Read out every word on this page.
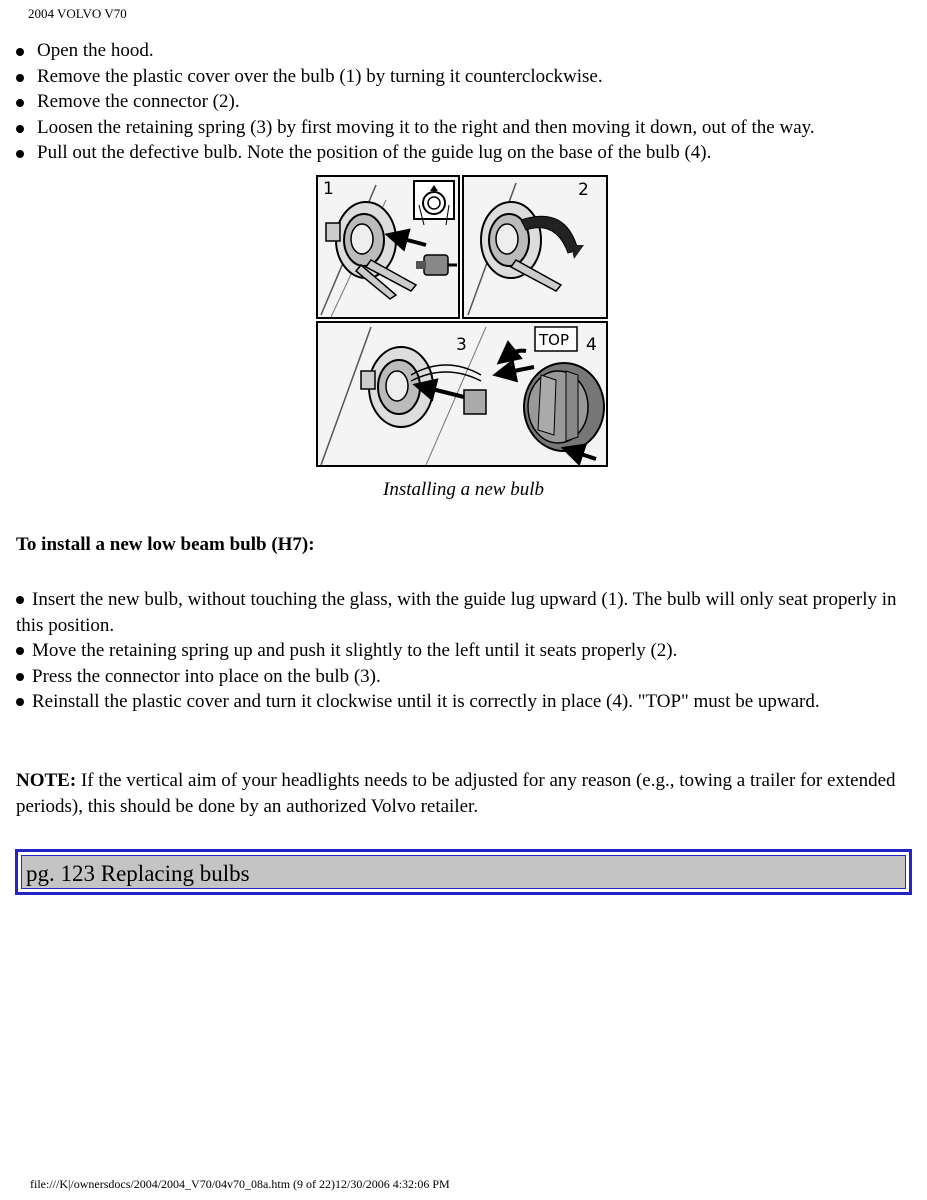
2004 VOLVO V70
Open the hood.
Remove the plastic cover over the bulb (1) by turning it counterclockwise.
Remove the connector (2).
Loosen the retaining spring (3) by first moving it to the right and then moving it down, out of the way.
Pull out the defective bulb. Note the position of the guide lug on the base of the bulb (4).
1	2
TOP
3	4
Installing a new bulb
To install a new low beam bulb (H7):
Insert the new bulb, without touching the glass, with the guide lug upward (1). The bulb will only seat properly in this position.
Move the retaining spring up and push it slightly to the left until it seats properly (2).
Press the connector into place on the bulb (3).
Reinstall the plastic cover and turn it clockwise until it is correctly in place (4). "TOP" must be upward.

NOTE: If the vertical aim of your headlights needs to be adjusted for any reason (e.g., towing a trailer for extended periods), this should be done by an authorized Volvo retailer.

pg. 123 Replacing bulbs
file:///K|/ownersdocs/2004/2004_V70/04v70_08a.htm (9 of 22)12/30/2006 4:32:06 PM
